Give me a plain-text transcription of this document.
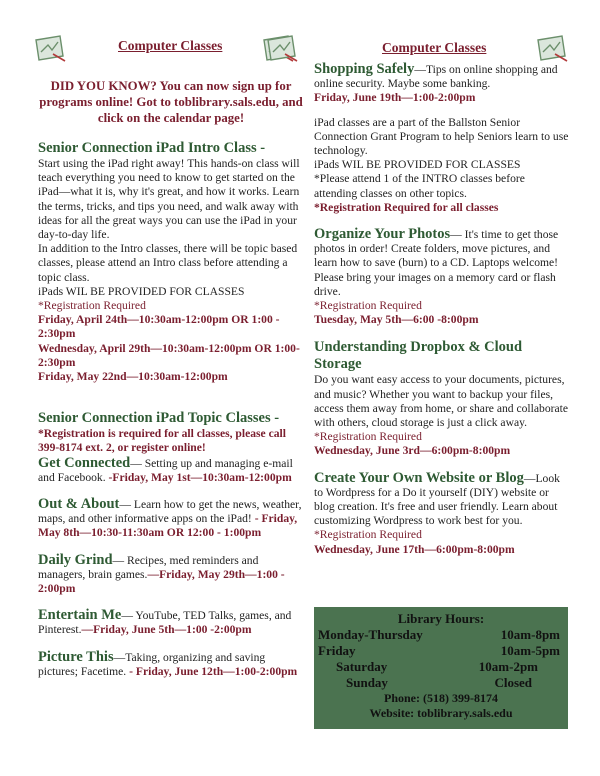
Computer Classes
DID YOU KNOW? You can now sign up for programs online! Got to toblibrary.sals.edu, and click on the calendar page!
Senior Connection iPad Intro Class -

Start using the iPad right away! This hands-on class will teach everything you need to know to get started on the iPad—what it is, why it's great, and how it works. Learn the terms, tricks, and tips you need, and walk away with ideas for all the great ways you can use the iPad in your day-to-day life.

In addition to the Intro classes, there will be topic based classes, please attend an Intro class before attending a topic class.

iPads WIL BE PROVIDED FOR CLASSES

*Registration Required

Friday, April 24th—10:30am-12:00pm OR 1:00 - 2:30pm

Wednesday, April 29th—10:30am-12:00pm OR 1:00-2:30pm

Friday, May 22nd—10:30am-12:00pm

Senior Connection iPad Topic Classes -

*Registration is required for all classes, please call 399-8174 ext. 2, or register online!

Get Connected— Setting up and managing e-mail and Facebook. -Friday, May 1st—10:30am-12:00pm

Out & About— Learn how to get the news, weather, maps, and other informative apps on the iPad! - Friday, May 8th—10:30-11:30am OR 12:00 - 1:00pm

Daily Grind— Recipes, med reminders and managers, brain games.—Friday, May 29th—1:00 - 2:00pm

Entertain Me— YouTube, TED Talks, games, and Pinterest.—Friday, June 5th—1:00 -2:00pm

Picture This—Taking, organizing and saving pictures; Facetime. - Friday, June 12th—1:00-2:00pm

Computer Classes

Shopping Safely—Tips on online shopping and online security. Maybe some banking.

Friday, June 19th—1:00-2:00pm

iPad classes are a part of the Ballston Senior Connection Grant Program to help Seniors learn to use technology.

iPads WIL BE PROVIDED FOR CLASSES

*Please attend 1 of the INTRO classes before attending classes on other topics.

*Registration Required for all classes

Organize Your Photos— It's time to get those photos in order! Create folders, move pictures, and learn how to save (burn) to a CD. Laptops welcome! Please bring your images on a memory card or flash drive.

*Registration Required

Tuesday, May 5th—6:00 -8:00pm

Understanding Dropbox & Cloud Storage

Do you want easy access to your documents, pictures, and music? Whether you want to backup your files, access them away from home, or share and collaborate with others, cloud storage is just a click away.

*Registration Required

Wednesday, June 3rd—6:00pm-8:00pm

Create Your Own Website or Blog—Look to Wordpress for a Do it yourself (DIY) website or blog creation. It's free and user friendly. Learn about customizing Wordpress to work best for you.

*Registration Required

Wednesday, June 17th—6:00pm-8:00pm

Library Hours:
Monday-Thursday	10am-8pm
Friday	10am-5pm
Saturday	10am-2pm
Sunday	Closed
Phone: (518) 399-8174
Website: toblibrary.sals.edu
